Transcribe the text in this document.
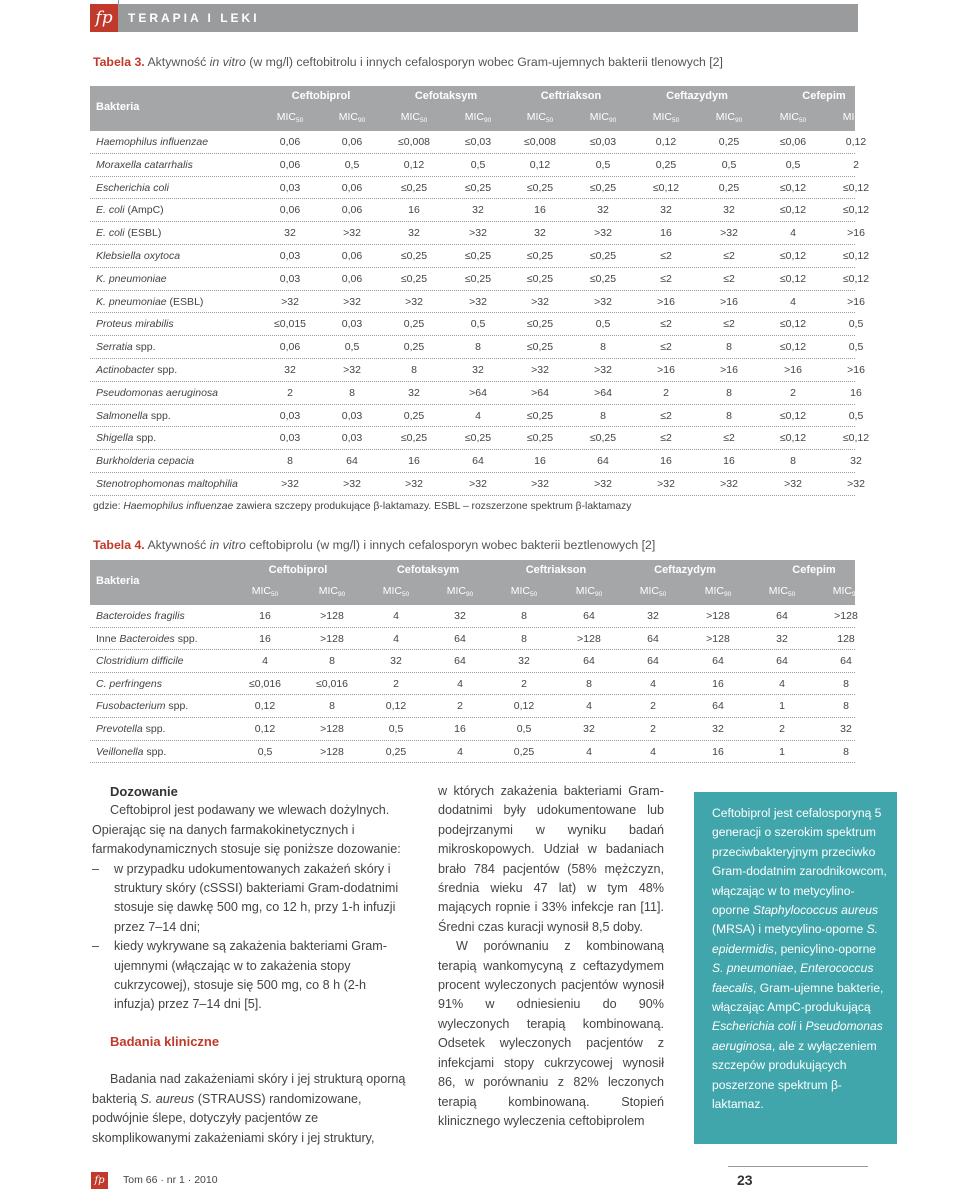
fp	TERAPIA I LEKI
Tabela 3. Aktywność in vitro (w mg/l) ceftobitrolu i innych cefalosporyn wobec Gram-ujemnych bakterii tlenowych [2]
Bakteria
Ceftobiprol	Cefotaksym	Ceftriakson	Ceftazydym	Cefepim
$MIC_{50}$	$MIC_{90}$	$MIC_{50}$	$MIC_{90}$	$MIC_{50}$	$MIC_{90}$	$MIC_{50}$	$MIC_{90}$	$MIC_{50}$	$MIC_{90}$
Haemophilus influenzae	0,06	0,06	≤0,008	≤0,03	≤0,008	≤0,03	0,12	0,25	≤0,06	0,12
Moraxella catarrhalis	0,06	0,5	0,12	0,5	0,12	0,5	0,25	0,5	0,5	2
Escherichia coli	0,03	0,06	≤0,25	≤0,25	≤0,25	≤0,25	≤0,12	0,25	≤0,12	≤0,12
E. coli (AmpC)	0,06	0,06	16	32	16	32	32	32	≤0,12	≤0,12
E. coli (ESBL)	32	>32	32	>32	32	>32	16	>32	4	>16
Klebsiella oxytoca	0,03	0,06	≤0,25	≤0,25	≤0,25	≤0,25	≤2	≤2	≤0,12	≤0,12
K. pneumoniae	0,03	0,06	≤0,25	≤0,25	≤0,25	≤0,25	≤2	≤2	≤0,12	≤0,12
K. pneumoniae (ESBL)	>32	>32	>32	>32	>32	>32	>16	>16	4	>16
Proteus mirabilis	≤0,015	0,03	0,25	0,5	≤0,25	0,5	≤2	≤2	≤0,12	0,5
Serratia spp.	0,06	0,5	0,25	8	≤0,25	8	≤2	8	≤0,12	0,5
Actinobacter spp.	32	>32	8	32	>32	>32	>16	>16	>16	>16
Pseudomonas aeruginosa	2	8	32	>64	>64	>64	2	8	2	16
Salmonella spp.	0,03	0,03	0,25	4	≤0,25	8	≤2	8	≤0,12	0,5
Shigella spp.	0,03	0,03	≤0,25	≤0,25	≤0,25	≤0,25	≤2	≤2	≤0,12	≤0,12
Burkholderia cepacia	8	64	16	64	16	64	16	16	8	32
Stenotrophomonas maltophilia	>32	>32	>32	>32	>32	>32	>32	>32	>32	>32
gdzie: Haemophilus influenzae zawiera szczepy produkujące β-laktamazy. ESBL – rozszerzone spektrum β-laktamazy
Tabela 4. Aktywność in vitro ceftobiprolu (w mg/l) i innych cefalosporyn wobec bakterii beztlenowych [2]
Bakteria
Ceftobiprol	Cefotaksym	Ceftriakson	Ceftazydym	Cefepim
$MIC_{50}$	$MIC_{90}$	$MIC_{50}$	$MIC_{90}$	$MIC_{50}$	$MIC_{90}$	$MIC_{50}$	$MIC_{90}$	$MIC_{50}$	$MIC_{90}$
Bacteroides fragilis	16	>128	4	32	8	64	32	>128	64	>128
Inne Bacteroides spp.	16	>128	4	64	8	>128	64	>128	32	128
Clostridium difficile	4	8	32	64	32	64	64	64	64	64
C. perfringens	≤0,016	≤0,016	2	4	2	8	4	16	4	8
Fusobacterium spp.	0,12	8	0,12	2	0,12	4	2	64	1	8
Prevotella spp.	0,12	>128	0,5	16	0,5	32	2	32	2	32
Veillonella spp.	0,5	>128	0,25	4	0,25	4	4	16	1	8

Dozowanie

Ceftobiprol jest podawany we wlewach dożylnych.

Opierając się na danych farmakokinetycznych i farmakodynamicznych stosuje się poniższe dozowanie:

– w przypadku udokumentowanych zakażeń skóry i struktury skóry (cSSSI) bakteriami Gram-dodatnimi stosuje się dawkę 500 mg, co 12 h, przy 1-h infuzji przez 7–14 dni;
– kiedy wykrywane są zakażenia bakteriami Gram-ujemnymi (włączając w to zakażenia stopy cukrzycowej), stosuje się 500 mg, co 8 h (2-h infuzja) przez 7–14 dni [5].

Badania kliniczne

Badania nad zakażeniami skóry i jej strukturą oporną bakterią S. aureus (STRAUSS) randomizowane, podwójnie ślepe, dotyczyły pacjentów ze skomplikowanymi zakażeniami skóry i jej struktury,

w których zakażenia bakteriami Gram-dodatnimi były udokumentowane lub podejrzanymi w wyniku badań mikroskopowych. Udział w badaniach brało 784 pacjentów (58% mężczyzn, średnia wieku 47 lat) w tym 48% mających ropnie i 33% infekcje ran [11]. Średni czas kuracji wynosił 8,5 doby.

W porównaniu z kombinowaną terapią wankomycyną z ceftazydymem procent wyleczonych pacjentów wynosił 91% w odniesieniu do 90% wyleczonych terapią kombinowaną. Odsetek wyleczonych pacjentów z infekcjami stopy cukrzycowej wynosił 86, w porównaniu z 82% leczonych terapią kombinowaną. Stopień klinicznego wyleczenia ceftobiprolem

Ceftobiprol jest cefalosporyną 5 generacji o szerokim spektrum przeciwbakteryjnym przeciwko Gram-dodatnim zarodnikowcom, włączając w to metycylino-oporne Staphylococcus aureus (MRSA) i metycylino-oporne S. epidermidis, penicylino-oporne S. pneumoniae, Enterococcus faecalis, Gram-ujemne bakterie, włączając AmpC-produkującą Escherichia coli i Pseudomonas aeruginosa, ale z wyłączeniem szczepów produkujących poszerzone spektrum β-laktamaz.
fp	Tom 66 · nr 1 · 2010	23
